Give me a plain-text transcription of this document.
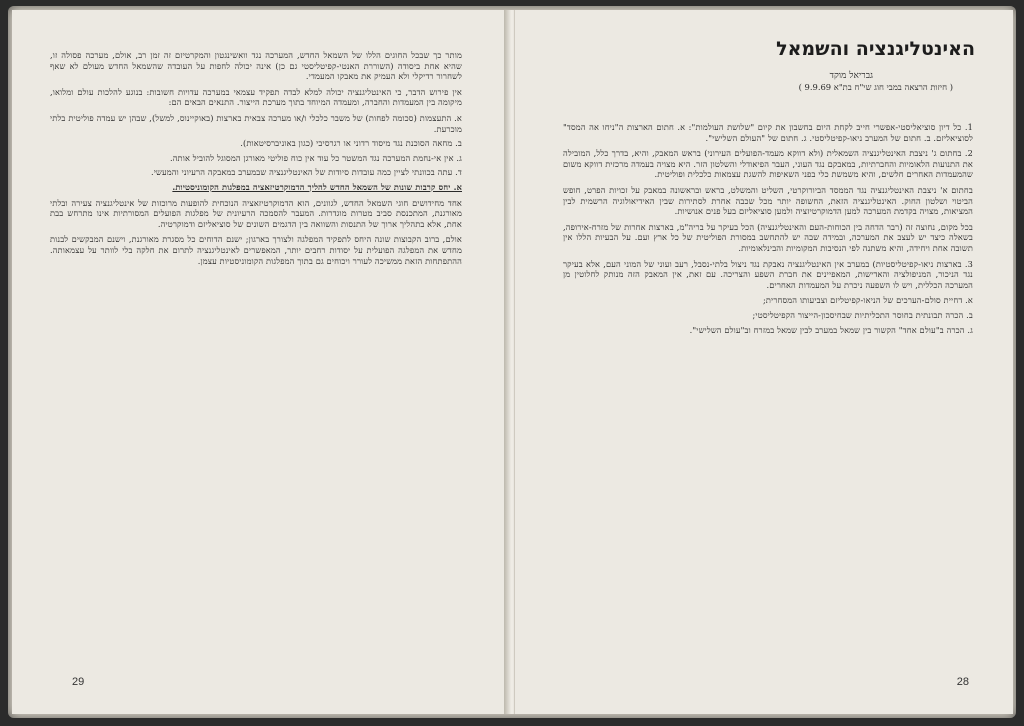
מותר כך שבכל החוגים הללו של השמאל החדש, המערכה נגד וואשינגטון והמקרטיזם זה זמן רב, אולם, מערכה פסולה זו, שהיא אחת ביסודה (השוררת האנטי-קפיטליסטי גם כן) אינה יכולה לחפות על העובדה שהשמאל החדש מעולם לא שאף לשחרור רדיקלי ולא העמיק את מאבקו המעמדי.

אין פירוש הדבר, כי האינטליגנציה יכולה למלא לבדה תפקיד עצמאי במערכה עדויות חשובות: בנוגע להלכות עולם ומלואו, מיקומה בין המעמדות והחברה, ומעמדה המיוחד בתוך מערכת הייצור. התנאים הבאים הם:

א. התעצמות (סכומה לפחות) של משבר כלכלי ו/או מערכה צבאית בארצות (באוקיינוס, למשל), שבהן יש עמדה פוליטית בלתי מוכרעת.

ב. מחאה הסוכנת נגד מיסוד רדוני או רגרסיבי (כגון באוניברסיטאות).

ג. אין אי-נחמת המערכה נגד המשטר כל עוד אין כוח פוליטי מאורגן המסוגל להוביל אותה.

ד. עתה בכוונתי לציין כמה עובדות סיודות של האינטליגנציה שבמערב במאבקה הרעיוני והמעשי.

א. יחס קרבות שונות של השמאל החדש להליך הדמוקרטיזאציה במפלגות הקומוניסטיות.

אחד מחידושים חוגי השמאל החדש, לגוונים, הוא הדמוקרטיזאציה הנוכחית להופעות מרוכזות של אינטליגנציה צעירה ובלתי מאורגנת, המתכנסת סביב מטרות מוגדרות. המעבר להסמכה הרעיונית של מפלגות הפועלים המסורתיות אינו מתרחש בבת אחת, אלא בתהליך ארוך של התנסות והשוואה בין הדגמים השונים של סוציאליזם ודמוקרטיה.

אולם, ברוב הקבוצות שונה היחס לתפקיד המפלגה ולצורך בארגון; ישנם הדוחים כל מסגרת מאורגנת, וישנם המבקשים לבנות מחדש את המפלגה הפועלית על יסודות רחבים יותר, המאפשרים לאינטליגנציה לתרום את חלקה בלי לוותר על עצמאותה. ההתפתחות הזאת ממשיכה לעורר ויכוחים גם בתוך המפלגות הקומוניסטיות עצמן.

29
האינטליגנציה והשמאל
גבריאל מוקד
( חיזות הרצאה במבי חוג שי"ח בת"א 9.9.69 )

1. כל דיון סוציאליסטי-אפשרי חייב לקחת היום בחשבון את קיום "שלושת העולמות": א. חתום הארצות ה"ניחו אה המסד" לסוציאליזם. ב. חתום של המערב ניאו-קפיטליסטי. ג. חתום של "העולם השלישי".

2. בחתום ג' ניצבת האינטליגנציה השמאלית (ולא דווקא מעמד-הפועלים העירוני) בראש המאבק, והיא, בדרך כלל, המובילה את התנועות הלאומיות והחברתיות, במאבקם נגד העוני, העבר הפיאודלי והשלטון הזר. היא מצויה בעמדה מרכזית דווקא משום שהמעמדות האחרים חלשים, והיא משמשת כלי בפני השאיפות להשגת עצמאות כלכלית ופוליטית.

בחתום א' ניצבת האינטליגנציה נגד הממסד הביורוקרטי, השליט והמשלט, בראש ובראשונה במאבק על זכויות הפרט, חופש הביטוי ושלטון החוק. האינטליגנציה הזאת, החשופה יותר מכל שכבה אחרת לסתירות שבין האידיאולוגיה הרשמית לבין המציאות, מצויה בקדמת המערכה למען הדמוקרטיזציה ולמען סוציאליזם בעל פנים אנושיות.

בכל מקום, נחוצה זה (רבר הדחה בין הכוחות-העם והאינטליגנציה) הכל בעיקר על בריה"מ, בארצות אחרות של מזרח-אירופה, בשאלה כיצד יש לעצב את המערכה, ובמידה שבה יש להתחשב במסורת הפוליטית של כל ארץ ועם. על הבעיות הללו אין תשובה אחת ויחידה, והיא משתנה לפי הנסיבות המקומיות והבינלאומיות.

3. בארצות ניאו-קפיטליסטיות) במערב אין האינטליגנציה נאבקת נגד ניצול בלתי-נסבל, רעב ועוני של המוני העם, אלא בעיקר נגד הניכור, המניפולציה והאדישות, המאפיינים את חברת השפע והצריכה. עם זאת, אין המאבק הזה מנותק לחלוטין מן המערכה הכללית, ויש לו השפעה ניכרת על המעמדות האחרים.

א. דחיית סולם-הערכים של הניאו-קפיטליזם וצביעותו המסחרית;

ב. הכרה תבונתית בחוסר התכליתיות שבחיסכון-הייצור הקפיטליסטי;

ג. הכרה ב"עולם אחד" הקשור בין שמאל במערב לבין שמאל במזרח וב"עולם השלישי".

28
